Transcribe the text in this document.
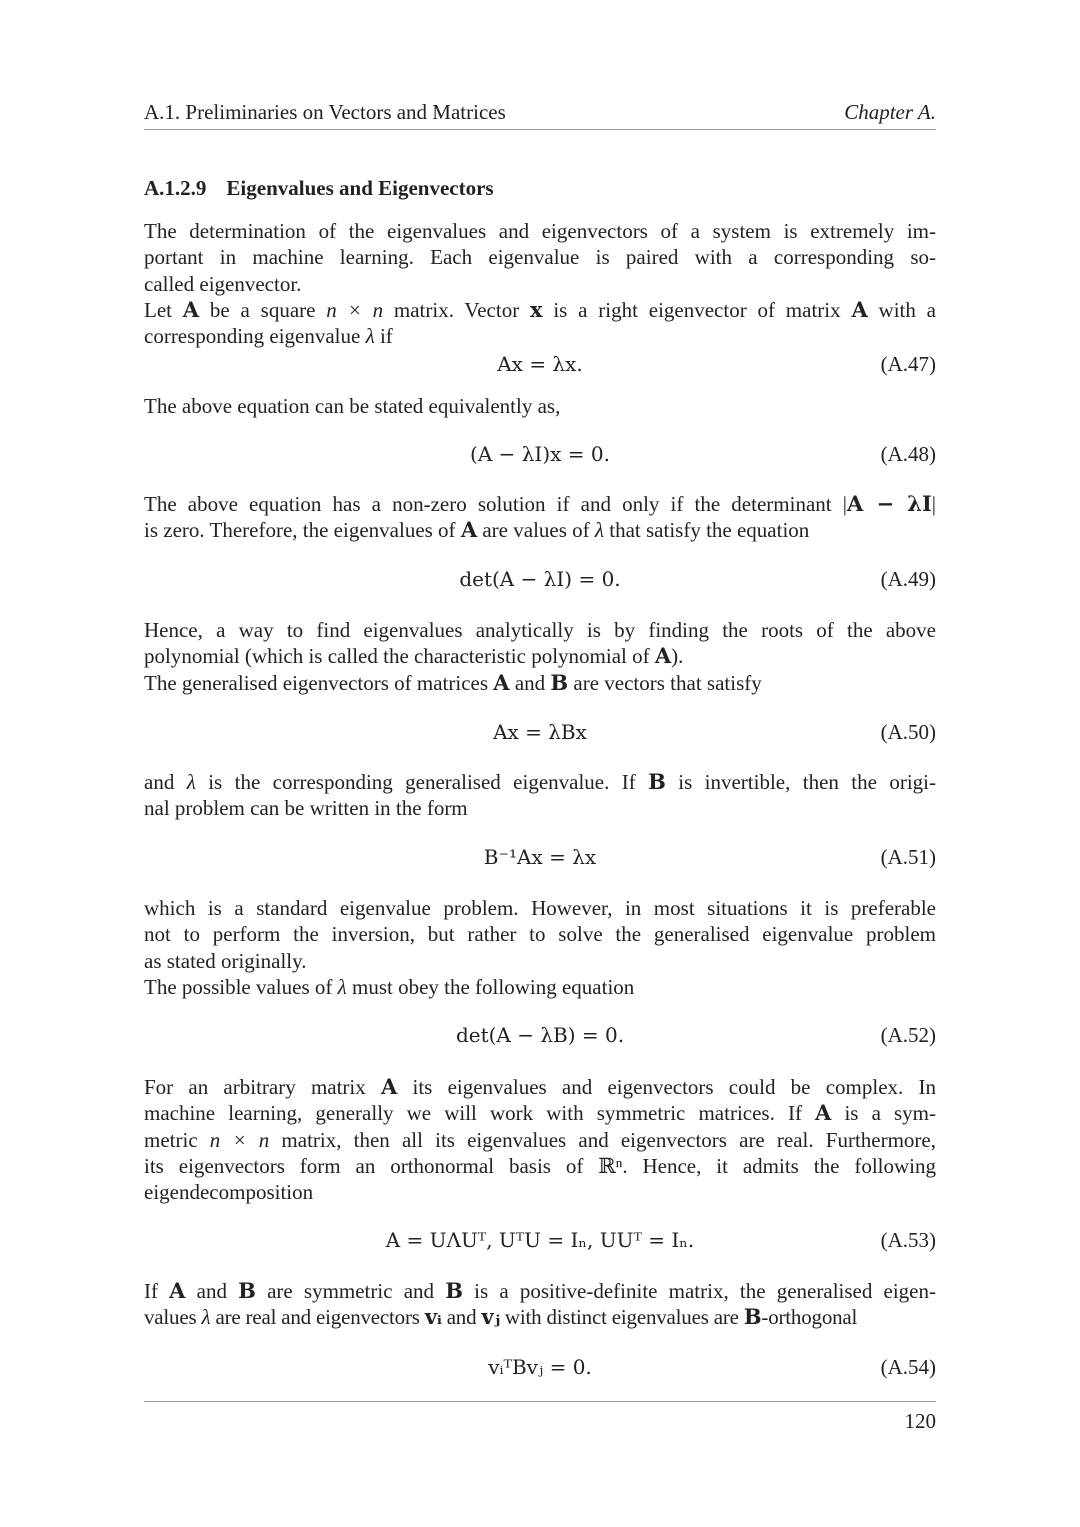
A.1. Preliminaries on Vectors and Matrices	Chapter A.
A.1.2.9 Eigenvalues and Eigenvectors
The determination of the eigenvalues and eigenvectors of a system is extremely im-
portant in machine learning. Each eigenvalue is paired with a corresponding so-
called eigenvector.
Let A be a square n × n matrix. Vector x is a right eigenvector of matrix A with a
corresponding eigenvalue λ if
Ax = λx.	(A.47)
The above equation can be stated equivalently as,
(A − λI)x = 0.	(A.48)
The above equation has a non-zero solution if and only if the determinant |A − λI|
is zero. Therefore, the eigenvalues of A are values of λ that satisfy the equation
det(A − λI) = 0.	(A.49)
Hence, a way to find eigenvalues analytically is by finding the roots of the above
polynomial (which is called the characteristic polynomial of A).
The generalised eigenvectors of matrices A and B are vectors that satisfy
Ax = λBx	(A.50)
and λ is the corresponding generalised eigenvalue. If B is invertible, then the origi-
nal problem can be written in the form
B⁻¹Ax = λx	(A.51)
which is a standard eigenvalue problem. However, in most situations it is preferable
not to perform the inversion, but rather to solve the generalised eigenvalue problem
as stated originally.
The possible values of λ must obey the following equation
det(A − λB) = 0.	(A.52)
For an arbitrary matrix A its eigenvalues and eigenvectors could be complex. In
machine learning, generally we will work with symmetric matrices. If A is a sym-
metric n × n matrix, then all its eigenvalues and eigenvectors are real. Furthermore,
its eigenvectors form an orthonormal basis of ℝⁿ. Hence, it admits the following
eigendecomposition
A = UΛUᵀ, UᵀU = Iₙ, UUᵀ = Iₙ.	(A.53)
If A and B are symmetric and B is a positive-definite matrix, the generalised eigen-
values λ are real and eigenvectors vᵢ and vⱼ with distinct eigenvalues are B-orthogonal
vᵢᵀBvⱼ = 0.	(A.54)
120
